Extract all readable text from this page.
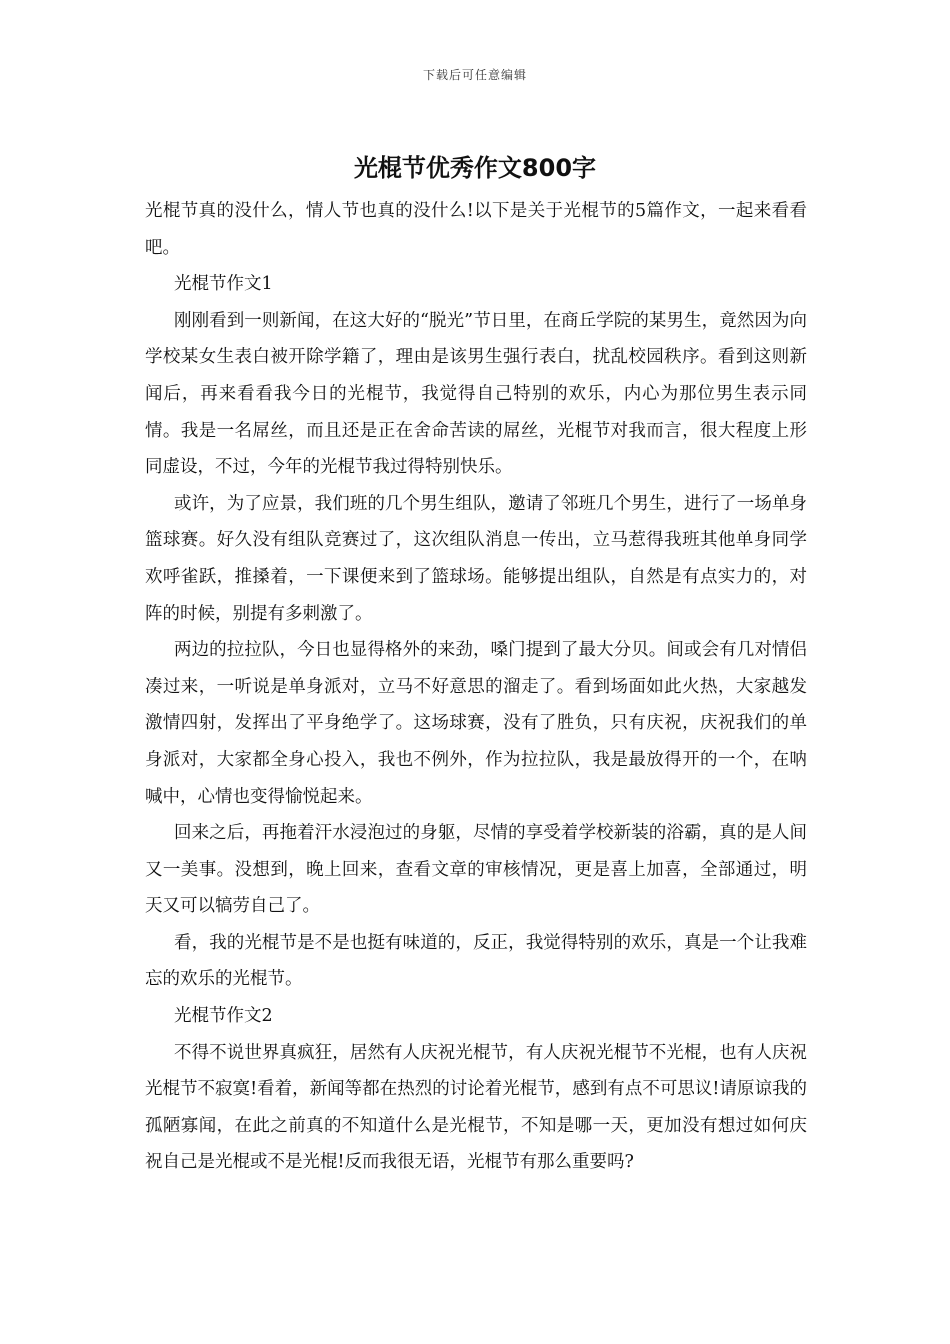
下载后可任意编辑
光棍节优秀作文800字

光棍节真的没什么，情人节也真的没什么!以下是关于光棍节的5篇作文，一起来看看吧。

光棍节作文1

刚刚看到一则新闻，在这大好的“脱光”节日里，在商丘学院的某男生，竟然因为向学校某女生表白被开除学籍了，理由是该男生强行表白，扰乱校园秩序。看到这则新闻后，再来看看我今日的光棍节，我觉得自己特别的欢乐，内心为那位男生表示同情。我是一名屌丝，而且还是正在舍命苦读的屌丝，光棍节对我而言，很大程度上形同虚设，不过，今年的光棍节我过得特别快乐。

或许，为了应景，我们班的几个男生组队，邀请了邻班几个男生，进行了一场单身篮球赛。好久没有组队竞赛过了，这次组队消息一传出，立马惹得我班其他单身同学欢呼雀跃，推搡着，一下课便来到了篮球场。能够提出组队，自然是有点实力的，对阵的时候，别提有多刺激了。

两边的拉拉队，今日也显得格外的来劲，嗓门提到了最大分贝。间或会有几对情侣凑过来，一听说是单身派对，立马不好意思的溜走了。看到场面如此火热，大家越发激情四射，发挥出了平身绝学了。这场球赛，没有了胜负，只有庆祝，庆祝我们的单身派对，大家都全身心投入，我也不例外，作为拉拉队，我是最放得开的一个，在呐喊中，心情也变得愉悦起来。

回来之后，再拖着汗水浸泡过的身躯，尽情的享受着学校新装的浴霸，真的是人间又一美事。没想到，晚上回来，查看文章的审核情况，更是喜上加喜，全部通过，明天又可以犒劳自己了。

看，我的光棍节是不是也挺有味道的，反正，我觉得特别的欢乐，真是一个让我难忘的欢乐的光棍节。

光棍节作文2

不得不说世界真疯狂，居然有人庆祝光棍节，有人庆祝光棍节不光棍，也有人庆祝光棍节不寂寞!看着，新闻等都在热烈的讨论着光棍节，感到有点不可思议!请原谅我的孤陋寡闻，在此之前真的不知道什么是光棍节，不知是哪一天，更加没有想过如何庆祝自己是光棍或不是光棍!反而我很无语，光棍节有那么重要吗?
